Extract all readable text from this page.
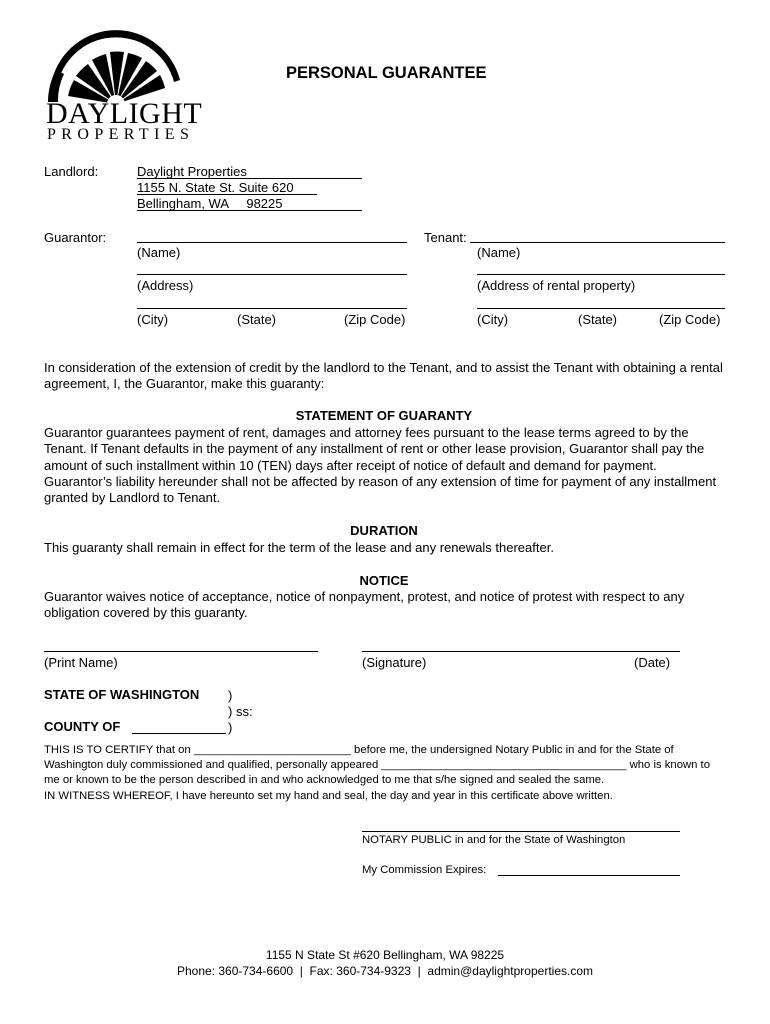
DAYLIGHT
PROPERTIES
PERSONAL GUARANTEE
Landlord:	Daylight Properties
1155 N. State St. Suite 620
Bellingham, WA     98225
Guarantor:
(Name)
(Address)
(City)	(State)	(Zip Code)
Tenant:
(Name)
(Address of rental property)
(City)	(State)	(Zip Code)
In consideration of the extension of credit by the landlord to the Tenant, and to assist the Tenant with obtaining a rental agreement, I, the Guarantor, make this guaranty:
STATEMENT OF GUARANTY
Guarantor guarantees payment of rent, damages and attorney fees pursuant to the lease terms agreed to by the Tenant. If Tenant defaults in the payment of any installment of rent or other lease provision, Guarantor shall pay the amount of such installment within 10 (TEN) days after receipt of notice of default and demand for payment. Guarantor’s liability hereunder shall not be affected by reason of any extension of time for payment of any installment granted by Landlord to Tenant.
DURATION
This guaranty shall remain in effect for the term of the lease and any renewals thereafter.
NOTICE
Guarantor waives notice of acceptance, notice of nonpayment, protest, and notice of protest with respect to any obligation covered by this guaranty.
(Print Name)	(Signature)	(Date)
STATE OF WASHINGTON )
) ss:
)
COUNTY OF
THIS IS TO CERTIFY that on _________________________ before me, the undersigned Notary Public in and for the State of Washington duly commissioned and qualified, personally appeared _______________________________________ who is known to me or known to be the person described in and who acknowledged to me that s/he signed and sealed the same.
IN WITNESS WHEREOF, I have hereunto set my hand and seal, the day and year in this certificate above written.
NOTARY PUBLIC in and for the State of Washington
My Commission Expires:
1155 N State St #620 Bellingham, WA 98225
Phone: 360-734-6600  |  Fax: 360-734-9323  |  admin@daylightproperties.com
